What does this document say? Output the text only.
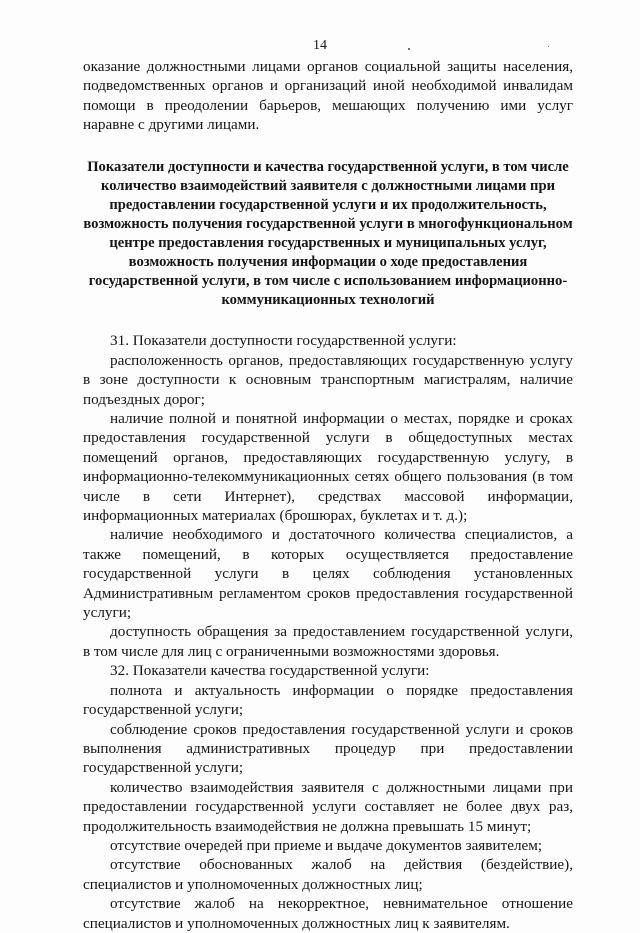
14

оказание должностными лицами органов социальной защиты населения, подведомственных органов и организаций иной необходимой инвалидам помощи в преодолении барьеров, мешающих получению ими услуг наравне с другими лицами.

Показатели доступности и качества государственной услуги, в том числе количество взаимодействий заявителя с должностными лицами при предоставлении государственной услуги и их продолжительность, возможность получения государственной услуги в многофункциональном центре предоставления государственных и муниципальных услуг, возможность получения информации о ходе предоставления государственной услуги, в том числе с использованием информационно-коммуникационных технологий

31. Показатели доступности государственной услуги:

расположенность органов, предоставляющих государственную услугу в зоне доступности к основным транспортным магистралям, наличие подъездных дорог;

наличие полной и понятной информации о местах, порядке и сроках предоставления государственной услуги в общедоступных местах помещений органов, предоставляющих государственную услугу, в информационно-телекоммуникационных сетях общего пользования (в том числе в сети Интернет), средствах массовой информации, информационных материалах (брошюрах, буклетах и т. д.);

наличие необходимого и достаточного количества специалистов, а также помещений, в которых осуществляется предоставление государственной услуги в целях соблюдения установленных Административным регламентом сроков предоставления государственной услуги;

доступность обращения за предоставлением государственной услуги, в том числе для лиц с ограниченными возможностями здоровья.

32. Показатели качества государственной услуги:

полнота и актуальность информации о порядке предоставления государственной услуги;

соблюдение сроков предоставления государственной услуги и сроков выполнения административных процедур при предоставлении государственной услуги;

количество взаимодействия заявителя с должностными лицами при предоставлении государственной услуги составляет не более двух раз, продолжительность взаимодействия не должна превышать 15 минут;

отсутствие очередей при приеме и выдаче документов заявителем;

отсутствие обоснованных жалоб на действия (бездействие), специалистов и уполномоченных должностных лиц;

отсутствие жалоб на некорректное, невнимательное отношение специалистов и уполномоченных должностных лиц к заявителям.
